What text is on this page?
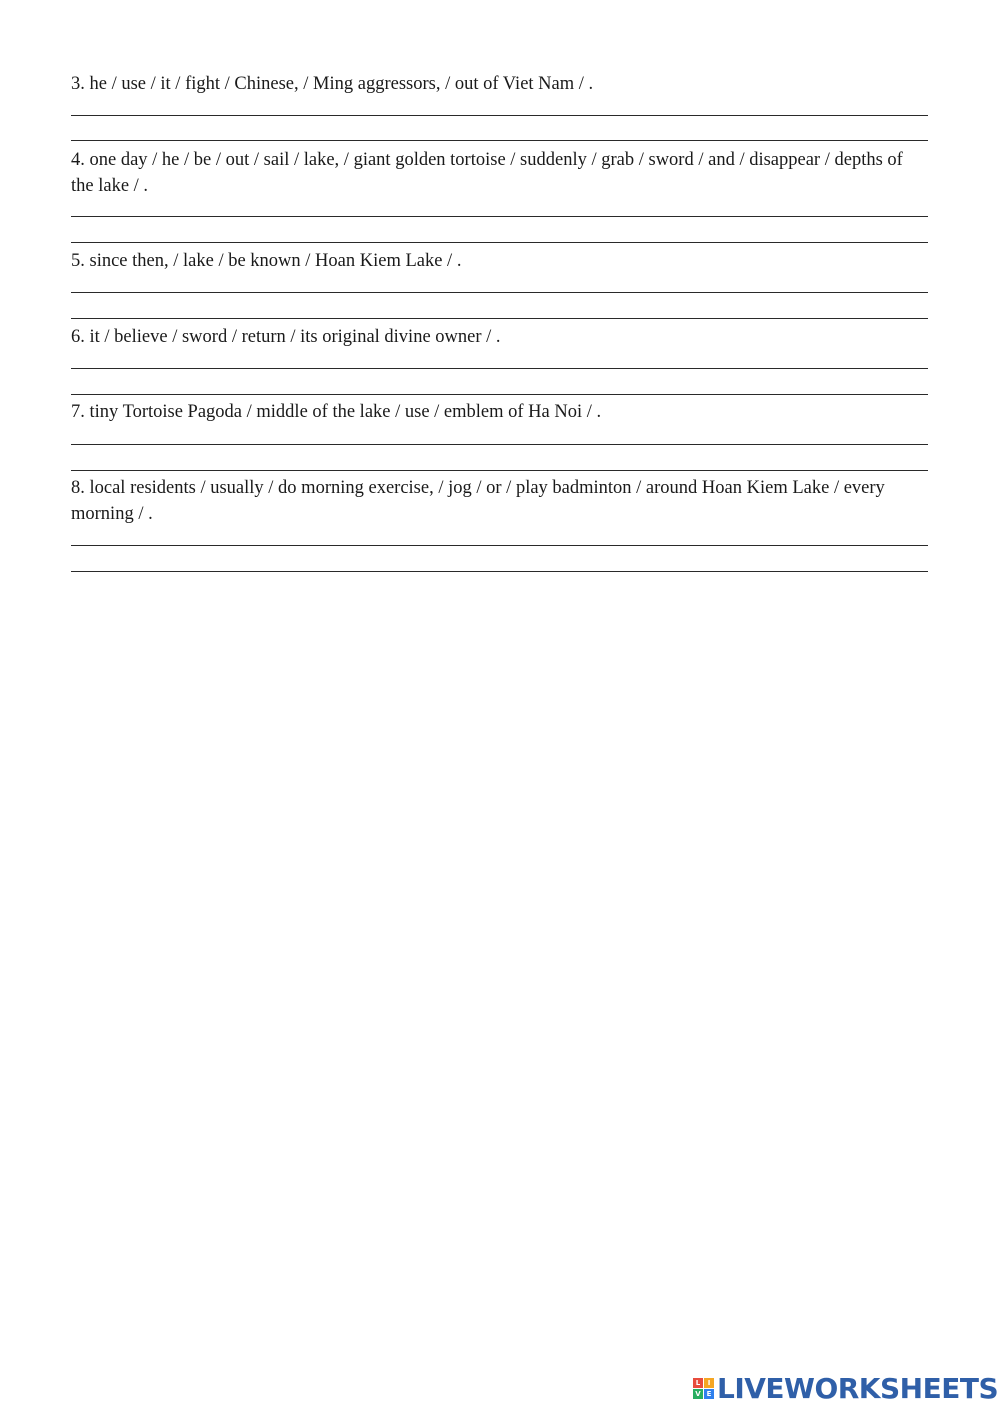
3. he / use / it / fight / Chinese, / Ming aggressors, / out of Viet Nam / .

4. one day / he / be / out / sail / lake, / giant golden tortoise / suddenly / grab / sword / and / disappear / depths of the lake / .

5. since then, / lake / be known / Hoan Kiem Lake / .

6. it / believe / sword / return / its original divine owner / .

7. tiny Tortoise Pagoda / middle of the lake / use / emblem of Ha Noi / .

8. local residents / usually / do morning exercise, / jog / or / play badminton / around Hoan Kiem Lake / every morning / .

L	I
V E LIVEWORKSHEETS
